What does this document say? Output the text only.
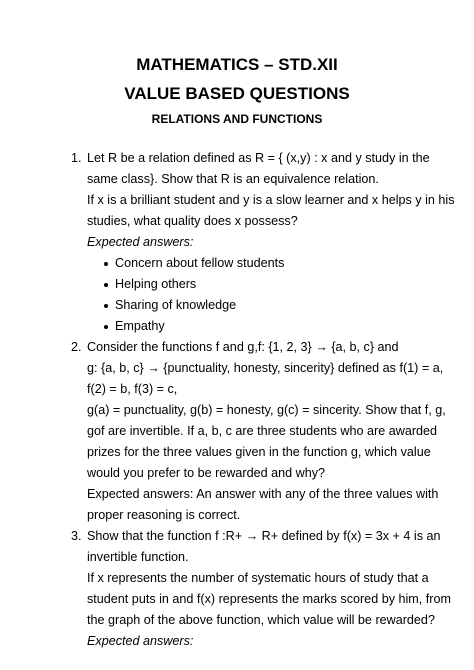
MATHEMATICS – STD.XII
VALUE BASED QUESTIONS
RELATIONS AND FUNCTIONS
1. Let R be a relation defined as R = { (x,y) : x and y study in the
same class}. Show that R is an equivalence relation.
If x is a brilliant student and y is a slow learner and x helps y in his
studies, what quality does x possess?
Expected answers:
Concern about fellow students
Helping others
Sharing of knowledge
Empathy
2. Consider the functions f and g,f: {1, 2, 3} → {a, b, c} and
g: {a, b, c} → {punctuality, honesty, sincerity} defined as f(1) = a,
f(2) = b, f(3) = c,
g(a) = punctuality, g(b) = honesty, g(c) = sincerity. Show that f, g,
gof are invertible. If a, b, c are three students who are awarded
prizes for the three values given in the function g, which value
would you prefer to be rewarded and why?
Expected answers: An answer with any of the three values with
proper reasoning is correct.
3. Show that the function f :R+ → R+ defined by f(x) = 3x + 4 is an
invertible function.
If x represents the number of systematic hours of study that a
student puts in and f(x) represents the marks scored by him, from
the graph of the above function, which value will be rewarded?
Expected answers:
